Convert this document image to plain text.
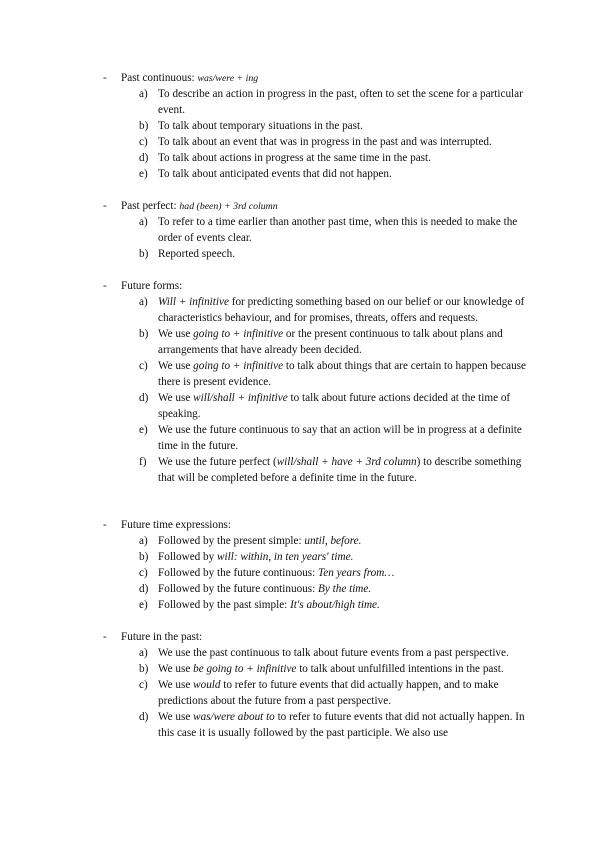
- Past continuous: was/were + ing
a) To describe an action in progress in the past, often to set the scene for a particular event.
b) To talk about temporary situations in the past.
c) To talk about an event that was in progress in the past and was interrupted.
d) To talk about actions in progress at the same time in the past.
e) To talk about anticipated events that did not happen.
- Past perfect: had (been) + 3rd column
a) To refer to a time earlier than another past time, when this is needed to make the order of events clear.
b) Reported speech.
- Future forms:
a) Will + infinitive for predicting something based on our belief or our knowledge of characteristics behaviour, and for promises, threats, offers and requests.
b) We use going to + infinitive or the present continuous to talk about plans and arrangements that have already been decided.
c) We use going to + infinitive to talk about things that are certain to happen because there is present evidence.
d) We use will/shall + infinitive to talk about future actions decided at the time of speaking.
e) We use the future continuous to say that an action will be in progress at a definite time in the future.
f) We use the future perfect (will/shall + have + 3rd column) to describe something that will be completed before a definite time in the future.
- Future time expressions:
a) Followed by the present simple: until, before.
b) Followed by will: within, in ten years' time.
c) Followed by the future continuous: Ten years from…
d) Followed by the future continuous: By the time.
e) Followed by the past simple: It's about/high time.
- Future in the past:
a) We use the past continuous to talk about future events from a past perspective.
b) We use be going to + infinitive to talk about unfulfilled intentions in the past.
c) We use would to refer to future events that did actually happen, and to make predictions about the future from a past perspective.
d) We use was/were about to to refer to future events that did not actually happen. In this case it is usually followed by the past participle. We also use
